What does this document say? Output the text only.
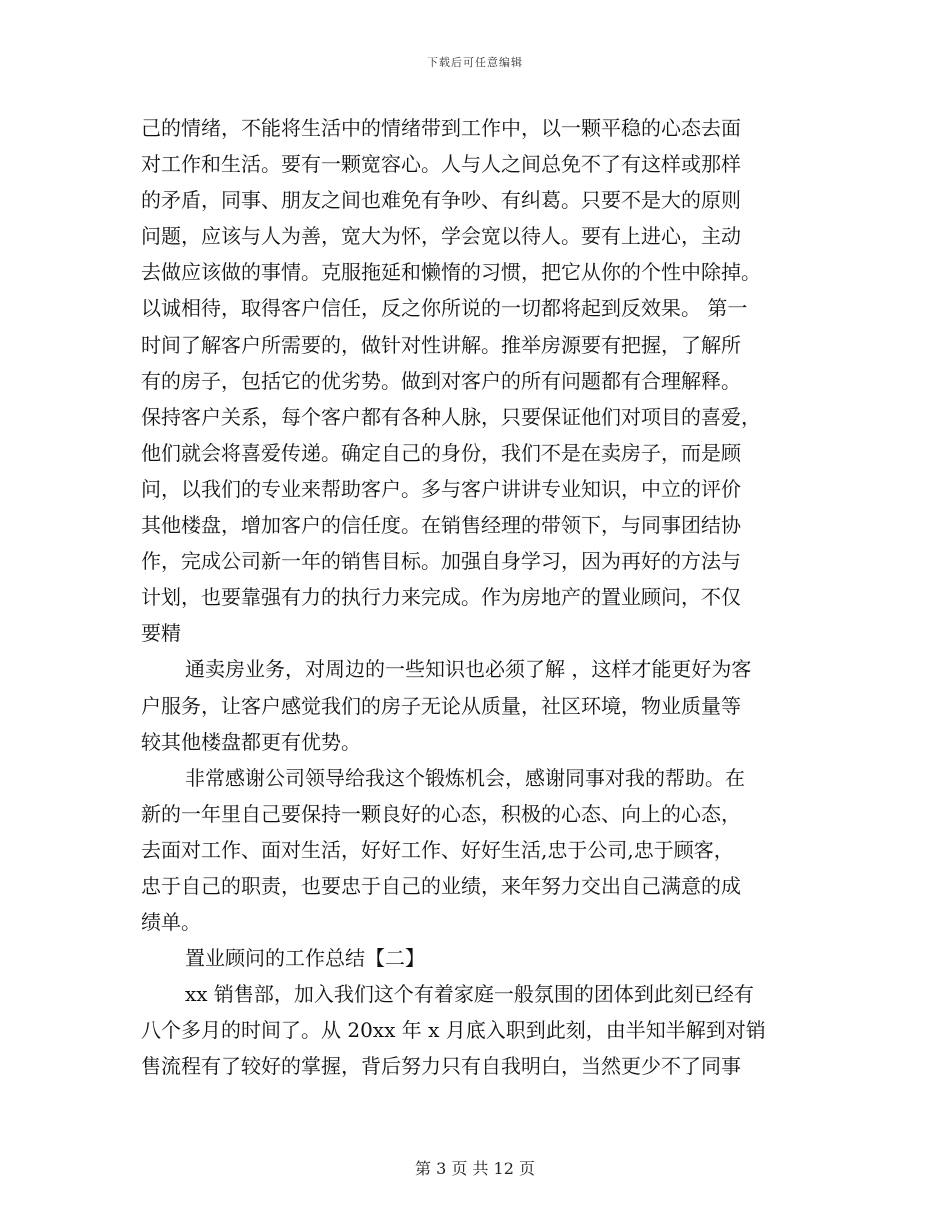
下载后可任意编辑
己的情绪，不能将生活中的情绪带到工作中，以一颗平稳的心态去面
对工作和生活。要有一颗宽容心。人与人之间总免不了有这样或那样
的矛盾，同事、朋友之间也难免有争吵、有纠葛。只要不是大的原则
问题，应该与人为善，宽大为怀，学会宽以待人。要有上进心，主动
去做应该做的事情。克服拖延和懒惰的习惯，把它从你的个性中除掉。
以诚相待，取得客户信任，反之你所说的一切都将起到反效果。 第一
时间了解客户所需要的，做针对性讲解。推举房源要有把握，了解所
有的房子，包括它的优劣势。做到对客户的所有问题都有合理解释。
保持客户关系，每个客户都有各种人脉，只要保证他们对项目的喜爱，
他们就会将喜爱传递。确定自己的身份，我们不是在卖房子，而是顾
问，以我们的专业来帮助客户。多与客户讲讲专业知识，中立的评价
其他楼盘，增加客户的信任度。在销售经理的带领下，与同事团结协
作，完成公司新一年的销售目标。加强自身学习，因为再好的方法与
计划，也要靠强有力的执行力来完成。作为房地产的置业顾问，不仅
要精
通卖房业务，对周边的一些知识也必须了解 ，这样才能更好为客
户服务，让客户感觉我们的房子无论从质量，社区环境，物业质量等
较其他楼盘都更有优势。
非常感谢公司领导给我这个锻炼机会，感谢同事对我的帮助。在
新的一年里自己要保持一颗良好的心态，积极的心态、向上的心态，
去面对工作、面对生活，好好工作、好好生活,忠于公司,忠于顾客，
忠于自己的职责，也要忠于自己的业绩，来年努力交出自己满意的成
绩单。
置业顾问的工作总结【二】
xx 销售部，加入我们这个有着家庭一般氛围的团体到此刻已经有
八个多月的时间了。从 20xx 年 x 月底入职到此刻，由半知半解到对销
售流程有了较好的掌握，背后努力只有自我明白，当然更少不了同事
第 3 页 共 12 页
